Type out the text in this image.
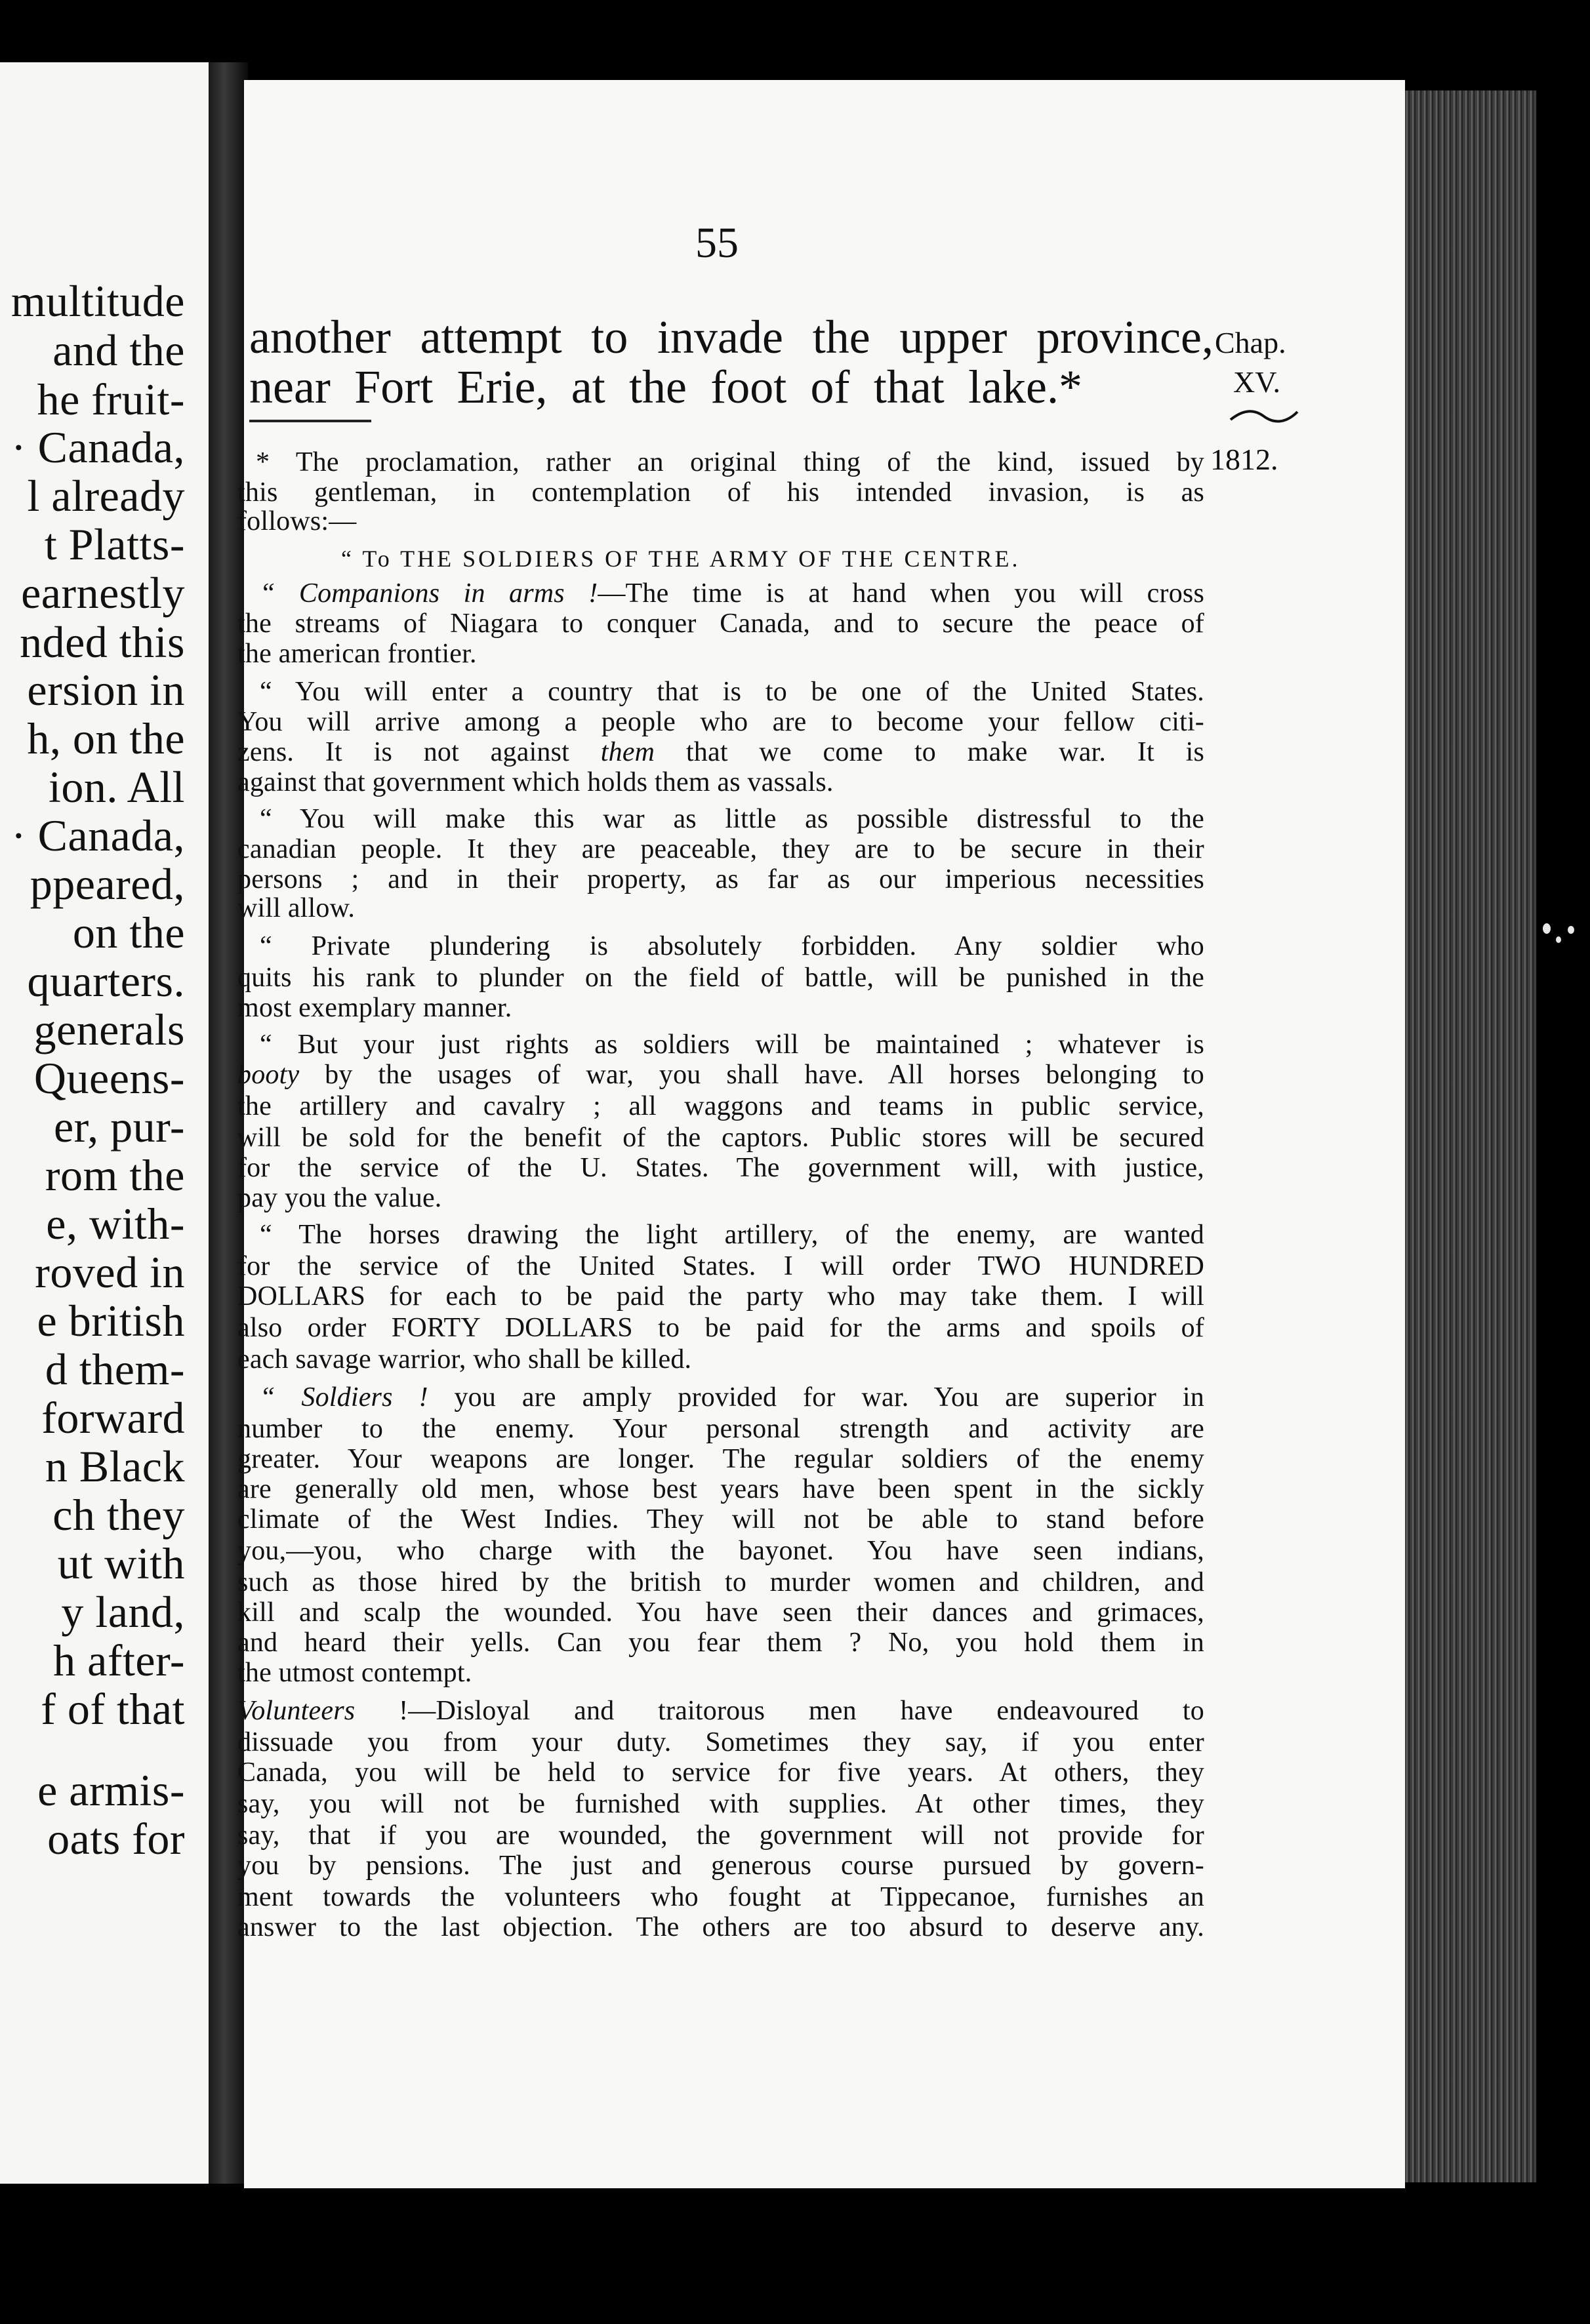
multitude
and the
he fruit-
· Canada,
l already
t Platts-
earnestly
nded this
ersion in
h, on the
ion. All
· Canada,
ppeared,
on the
quarters.
generals
Queens-
er, pur-
rom the
e, with-
roved in
e british
d them-
forward
n Black
ch they
ut with
y land,
h after-
f of that
e armis-
oats for
55
another attempt to invade the upper province,
near Fort Erie, at the foot of that lake.*
Chap.
XV.
1812.
* The proclamation, rather an original thing of the kind, issued by
this gentleman, in contemplation of his intended invasion, is as
follows:—
“ To THE SOLDIERS OF THE ARMY OF THE CENTRE.
“ Companions in arms !—The time is at hand when you will cross
the streams of Niagara to conquer Canada, and to secure the peace of
the american frontier.
“ You will enter a country that is to be one of the United States.
You will arrive among a people who are to become your fellow citi-
zens. It is not against them that we come to make war. It is
against that government which holds them as vassals.
“ You will make this war as little as possible distressful to the
canadian people. It they are peaceable, they are to be secure in their
persons ; and in their property, as far as our imperious necessities
will allow.
“ Private plundering is absolutely forbidden. Any soldier who
quits his rank to plunder on the field of battle, will be punished in the
most exemplary manner.
“ But your just rights as soldiers will be maintained ; whatever is
booty by the usages of war, you shall have. All horses belonging to
the artillery and cavalry ; all waggons and teams in public service,
will be sold for the benefit of the captors. Public stores will be secured
for the service of the U. States. The government will, with justice,
pay you the value.
“ The horses drawing the light artillery, of the enemy, are wanted
for the service of the United States. I will order TWO HUNDRED
DOLLARS for each to be paid the party who may take them. I will
also order FORTY DOLLARS to be paid for the arms and spoils of
each savage warrior, who shall be killed.
“ Soldiers ! you are amply provided for war. You are superior in
number to the enemy. Your personal strength and activity are
greater. Your weapons are longer. The regular soldiers of the enemy
are generally old men, whose best years have been spent in the sickly
climate of the West Indies. They will not be able to stand before
you,—you, who charge with the bayonet. You have seen indians,
such as those hired by the british to murder women and children, and
kill and scalp the wounded. You have seen their dances and grimaces,
and heard their yells. Can you fear them ? No, you hold them in
the utmost contempt.
Volunteers !—Disloyal and traitorous men have endeavoured to
dissuade you from your duty. Sometimes they say, if you enter
Canada, you will be held to service for five years. At others, they
say, you will not be furnished with supplies. At other times, they
say, that if you are wounded, the government will not provide for
you by pensions. The just and generous course pursued by govern-
ment towards the volunteers who fought at Tippecanoe, furnishes an
answer to the last objection. The others are too absurd to deserve any.
